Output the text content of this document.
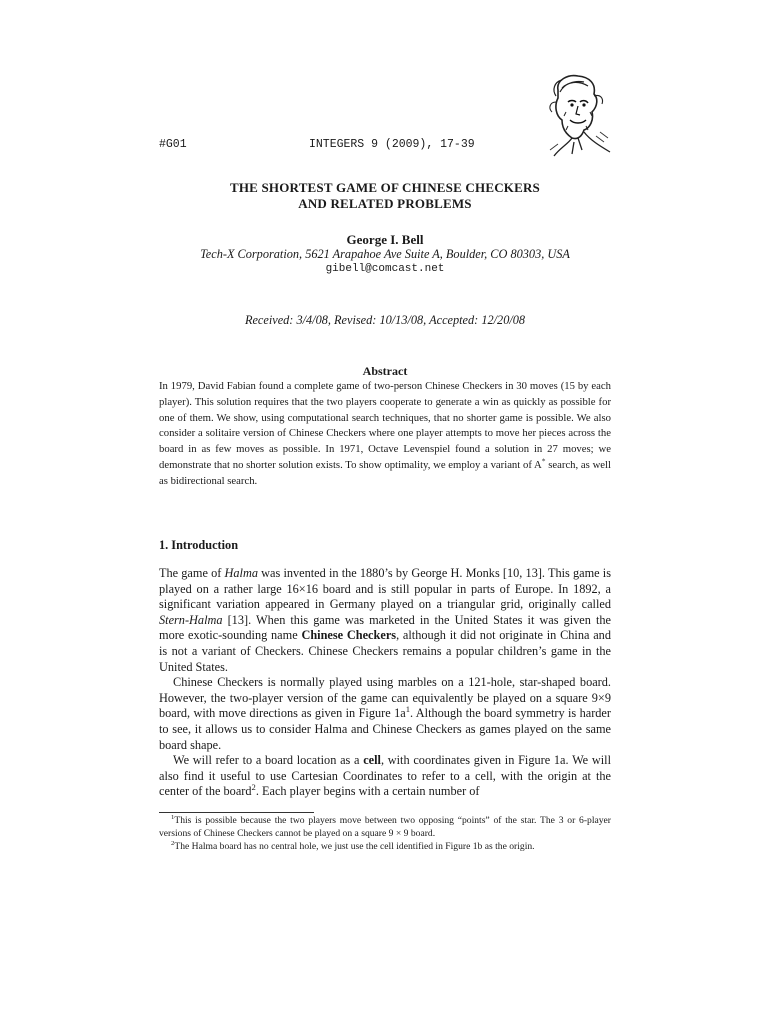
#G01	INTEGERS 9 (2009), 17-39
THE SHORTEST GAME OF CHINESE CHECKERS
AND RELATED PROBLEMS
George I. Bell
Tech-X Corporation, 5621 Arapahoe Ave Suite A, Boulder, CO 80303, USA
gibell@comcast.net
Received: 3/4/08, Revised: 10/13/08, Accepted: 12/20/08
Abstract
In 1979, David Fabian found a complete game of two-person Chinese Checkers in 30 moves (15 by each player). This solution requires that the two players cooperate to generate a win as quickly as possible for one of them. We show, using computational search techniques, that no shorter game is possible. We also consider a solitaire version of Chinese Checkers where one player attempts to move her pieces across the board in as few moves as possible. In 1971, Octave Levenspiel found a solution in 27 moves; we demonstrate that no shorter solution exists. To show optimality, we employ a variant of A* search, as well as bidirectional search.
1. Introduction

The game of Halma was invented in the 1880’s by George H. Monks [10, 13]. This game is played on a rather large 16×16 board and is still popular in parts of Europe. In 1892, a significant variation appeared in Germany played on a triangular grid, originally called Stern-Halma [13]. When this game was marketed in the United States it was given the more exotic-sounding name Chinese Checkers, although it did not originate in China and is not a variant of Checkers. Chinese Checkers remains a popular children’s game in the United States.

Chinese Checkers is normally played using marbles on a 121-hole, star-shaped board. However, the two-player version of the game can equivalently be played on a square 9×9 board, with move directions as given in Figure $1a^1$. Although the board symmetry is harder to see, it allows us to consider Halma and Chinese Checkers as games played on the same board shape.

We will refer to a board location as a cell, with coordinates given in Figure 1a. We will also find it useful to use Cartesian Coordinates to refer to a cell, with the origin at the center of the board$^2$. Each player begins with a certain number of

$^1$This is possible because the two players move between two opposing “points” of the star. The 3 or 6-player versions of Chinese Checkers cannot be played on a square 9 × 9 board.

$^2$The Halma board has no central hole, we just use the cell identified in Figure 1b as the origin.
